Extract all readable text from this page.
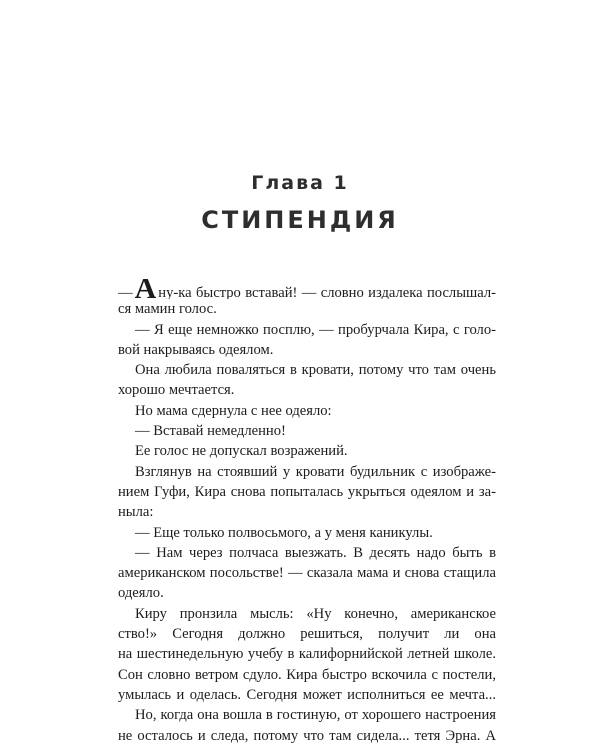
Глава 1
СТИПЕНДИЯ
—А ну-ка быстро вставай! — словно издалека послышал-
ся мамин голос.
— Я еще немножко посплю, — пробурчала Кира, с голо-
вой накрываясь одеялом.
Она любила поваляться в кровати, потому что там очень
хорошо мечтается.
Но мама сдернула с нее одеяло:
— Вставай немедленно!
Ее голос не допускал возражений.
Взглянув на стоявший у кровати будильник с изображе-
нием Гуфи, Кира снова попыталась укрыться одеялом и за-
ныла:
— Еще только полвосьмого, а у меня каникулы.
— Нам через полчаса выезжать. В десять надо быть в
американском посольстве! — сказала мама и снова стащила
одеяло.
Киру пронзила мысль: «Ну конечно, американское
ство!» Сегодня должно решиться, получит ли она
на шестинедельную учебу в калифорнийской летней школе.
Сон словно ветром сдуло. Кира быстро вскочила с постели,
умылась и оделась. Сегодня может исполниться ее мечта...
Но, когда она вошла в гостиную, от хорошего настроения
не осталось и следа, потому что там сидела... тетя Эрна. А
